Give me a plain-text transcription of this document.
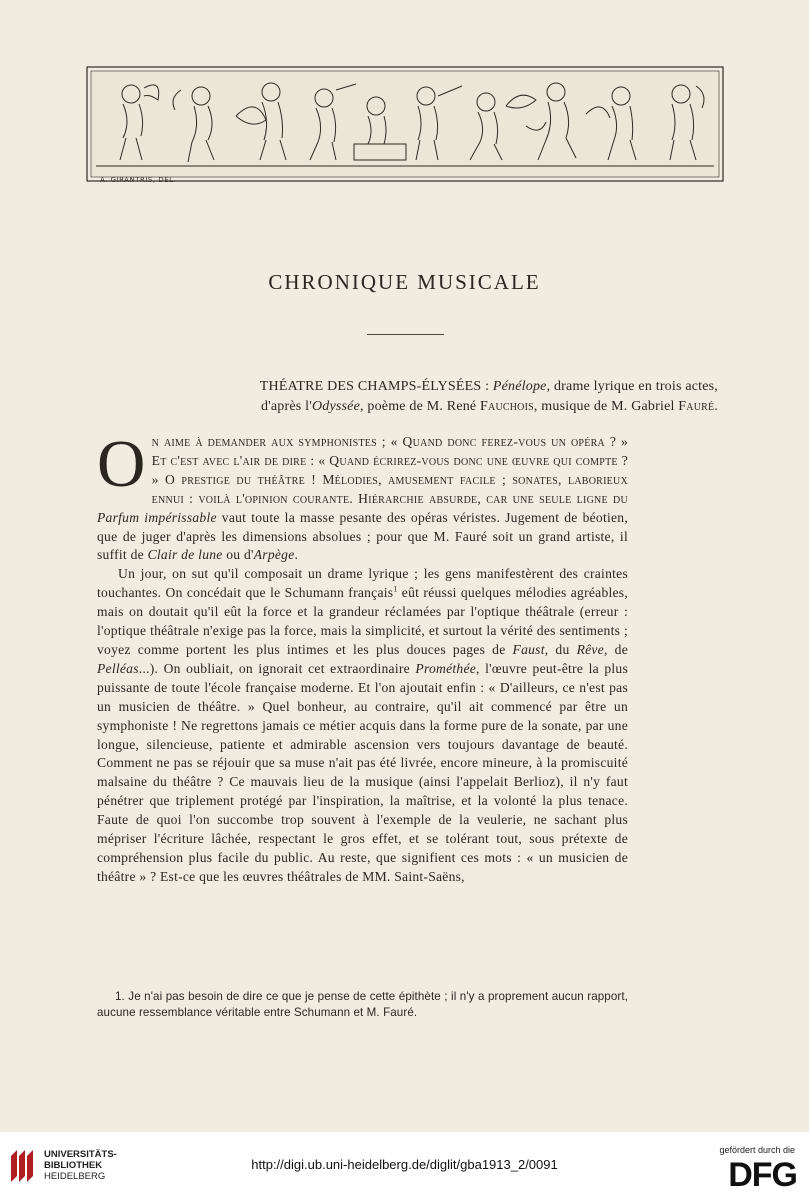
A. GIRANTRIS, DEL.
CHRONIQUE MUSICALE
THÉATRE DES CHAMPS-ÉLYSÉES : Pénélope, drame lyrique en trois actes,
d'après l'Odyssée, poème de M. René Fauchois, musique de M. Gabriel Fauré.

On aime à demander aux symphonistes ; « Quand donc ferez-vous un opéra ? » Et c'est avec l'air de dire : « Quand écrirez-vous donc une œuvre qui compte ? » O prestige du théâtre ! Mélodies, amusement facile ; sonates, laborieux ennui : voilà l'opinion courante. Hiérarchie absurde, car une seule ligne du Parfum impérissable vaut toute la masse pesante des opéras véristes. Jugement de béotien, que de juger d'après les dimensions absolues ; pour que M. Fauré soit un grand artiste, il suffit de Clair de lune ou d'Arpège.

Un jour, on sut qu'il composait un drame lyrique ; les gens manifestèrent des craintes touchantes. On concédait que le Schumann français$^1$ eût réussi quelques mélodies agréables, mais on doutait qu'il eût la force et la grandeur réclamées par l'optique théâtrale (erreur : l'optique théâtrale n'exige pas la force, mais la simplicité, et surtout la vérité des sentiments ; voyez comme portent les plus intimes et les plus douces pages de Faust, du Rêve, de Pelléas...). On oubliait, on ignorait cet extraordinaire Prométhée, l'œuvre peut-être la plus puissante de toute l'école française moderne. Et l'on ajoutait enfin : « D'ailleurs, ce n'est pas un musicien de théâtre. » Quel bonheur, au contraire, qu'il ait commencé par être un symphoniste ! Ne regrettons jamais ce métier acquis dans la forme pure de la sonate, par une longue, silencieuse, patiente et admirable ascension vers toujours davantage de beauté. Comment ne pas se réjouir que sa muse n'ait pas été livrée, encore mineure, à la promiscuité malsaine du théâtre ? Ce mauvais lieu de la musique (ainsi l'appelait Berlioz), il n'y faut pénétrer que triplement protégé par l'inspiration, la maîtrise, et la volonté la plus tenace. Faute de quoi l'on succombe trop souvent à l'exemple de la veulerie, ne sachant plus mépriser l'écriture lâchée, respectant le gros effet, et se tolérant tout, sous prétexte de compréhension plus facile du public. Au reste, que signifient ces mots : « un musicien de théâtre » ? Est-ce que les œuvres théâtrales de MM. Saint-Saëns,

1. Je n'ai pas besoin de dire ce que je pense de cette épithète ; il n'y a proprement aucun rapport, aucune ressemblance véritable entre Schumann et M. Fauré.
UNIVERSITÄTS-
BIBLIOTHEK
HEIDELBERG
http://digi.ub.uni-heidelberg.de/diglit/gba1913_2/0091
gefördert durch die
DFG
